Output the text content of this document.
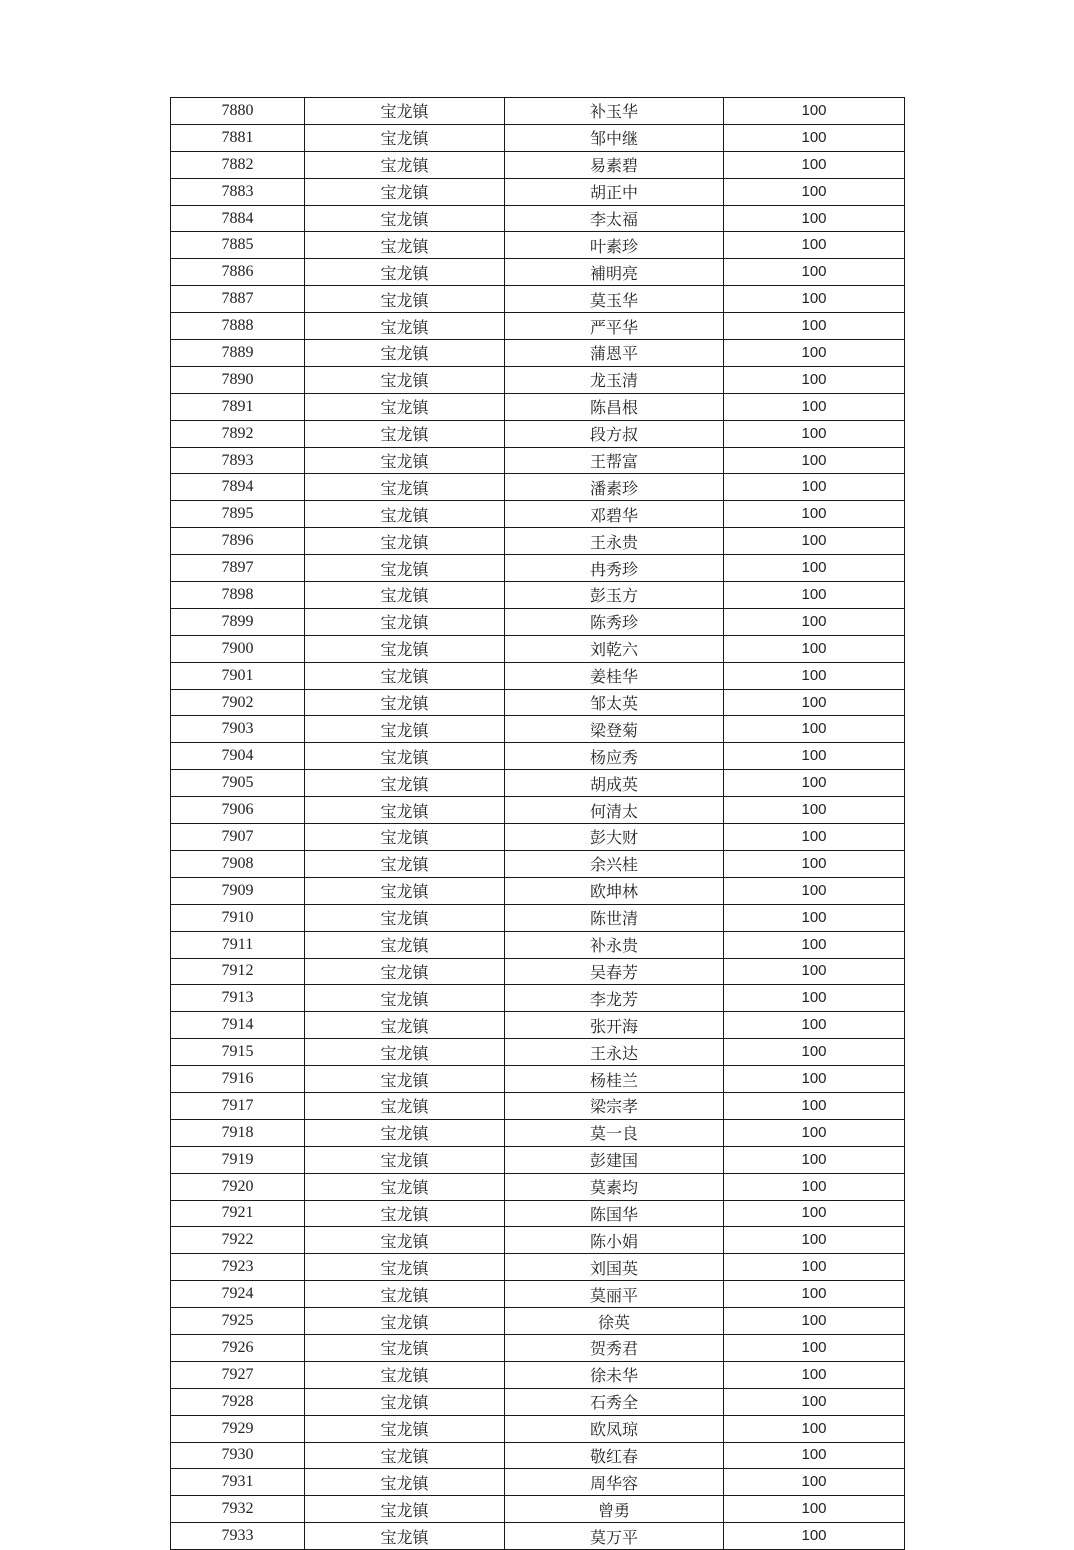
7880	宝龙镇	补玉华	100
7881	宝龙镇	邹中继	100
7882	宝龙镇	易素碧	100
7883	宝龙镇	胡正中	100
7884	宝龙镇	李太福	100
7885	宝龙镇	叶素珍	100
7886	宝龙镇	補明亮	100
7887	宝龙镇	莫玉华	100
7888	宝龙镇	严平华	100
7889	宝龙镇	蒲恩平	100
7890	宝龙镇	龙玉清	100
7891	宝龙镇	陈昌根	100
7892	宝龙镇	段方叔	100
7893	宝龙镇	王帮富	100
7894	宝龙镇	潘素珍	100
7895	宝龙镇	邓碧华	100
7896	宝龙镇	王永贵	100
7897	宝龙镇	冉秀珍	100
7898	宝龙镇	彭玉方	100
7899	宝龙镇	陈秀珍	100
7900	宝龙镇	刘乾六	100
7901	宝龙镇	姜桂华	100
7902	宝龙镇	邹太英	100
7903	宝龙镇	梁登菊	100
7904	宝龙镇	杨应秀	100
7905	宝龙镇	胡成英	100
7906	宝龙镇	何清太	100
7907	宝龙镇	彭大财	100
7908	宝龙镇	余兴桂	100
7909	宝龙镇	欧坤林	100
7910	宝龙镇	陈世清	100
7911	宝龙镇	补永贵	100
7912	宝龙镇	吴春芳	100
7913	宝龙镇	李龙芳	100
7914	宝龙镇	张开海	100
7915	宝龙镇	王永达	100
7916	宝龙镇	杨桂兰	100
7917	宝龙镇	梁宗孝	100
7918	宝龙镇	莫一良	100
7919	宝龙镇	彭建国	100
7920	宝龙镇	莫素均	100
7921	宝龙镇	陈国华	100
7922	宝龙镇	陈小娟	100
7923	宝龙镇	刘国英	100
7924	宝龙镇	莫丽平	100
7925	宝龙镇	徐英	100
7926	宝龙镇	贺秀君	100
7927	宝龙镇	徐未华	100
7928	宝龙镇	石秀全	100
7929	宝龙镇	欧凤琼	100
7930	宝龙镇	敬红春	100
7931	宝龙镇	周华容	100
7932	宝龙镇	曾勇	100
7933	宝龙镇	莫万平	100
